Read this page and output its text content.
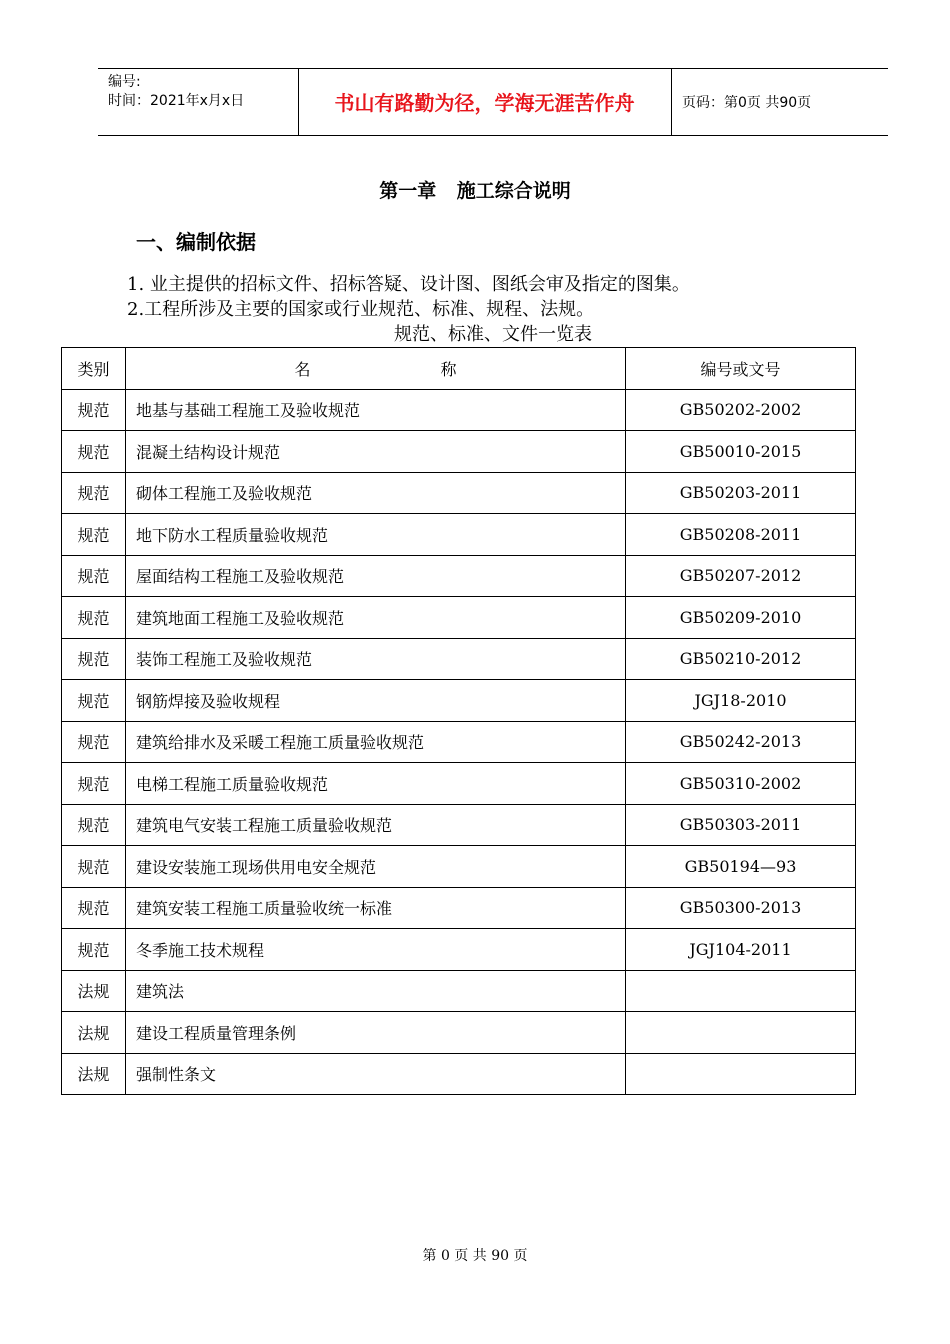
编号:
时间：2021年x月x日	书山有路勤为径，学海无涯苦作舟	页码：第0页 共90页
第一章 施工综合说明
一、编制依据
1. 业主提供的招标文件、招标答疑、设计图、图纸会审及指定的图集。
2.工程所涉及主要的国家或行业规范、标准、规程、法规。
规范、标准、文件一览表
类别	名 称	编号或文号
规范	地基与基础工程施工及验收规范	GB50202-2002
规范	混凝土结构设计规范	GB50010-2015
规范	砌体工程施工及验收规范	GB50203-2011
规范	地下防水工程质量验收规范	GB50208-2011
规范	屋面结构工程施工及验收规范	GB50207-2012
规范	建筑地面工程施工及验收规范	GB50209-2010
规范	装饰工程施工及验收规范	GB50210-2012
规范	钢筋焊接及验收规程	JGJ18-2010
规范	建筑给排水及采暖工程施工质量验收规范	GB50242-2013
规范	电梯工程施工质量验收规范	GB50310-2002
规范	建筑电气安装工程施工质量验收规范	GB50303-2011
规范	建设安装施工现场供用电安全规范	GB50194—93
规范	建筑安装工程施工质量验收统一标准	GB50300-2013
规范	冬季施工技术规程	JGJ104-2011
法规	建筑法	
法规	建设工程质量管理条例	
法规	强制性条文	
第 0 页 共 90 页
